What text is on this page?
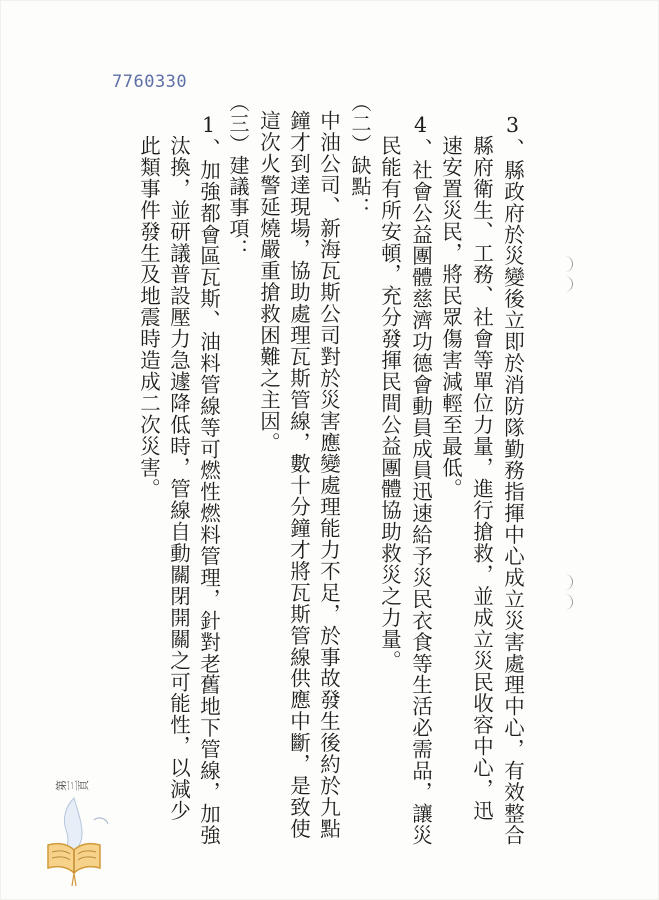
7760330
3、縣政府於災變後立即於消防隊勤務指揮中心成立災害處理中心，有效整合
縣府衛生、工務、社會等單位力量，進行搶救，並成立災民收容中心，迅
速安置災民，將民眾傷害減輕至最低。
4、社會公益團體慈濟功德會動員成員迅速給予災民衣食等生活必需品，讓災
民能有所安頓，充分發揮民間公益團體協助救災之力量。
（二）缺點：
中油公司、新海瓦斯公司對於災害應變處理能力不足，於事故發生後約於九點
鐘才到達現場，協助處理瓦斯管線，數十分鐘才將瓦斯管線供應中斷，是致使
這次火警延燒嚴重搶救困難之主因。
（三）建議事項：
1、加強都會區瓦斯、油料管線等可燃性燃料管理，針對老舊地下管線，加強
汰換，並研議普設壓力急遽降低時，管線自動關閉開關之可能性，以減少
此類事件發生及地震時造成二次災害。
第三頁
